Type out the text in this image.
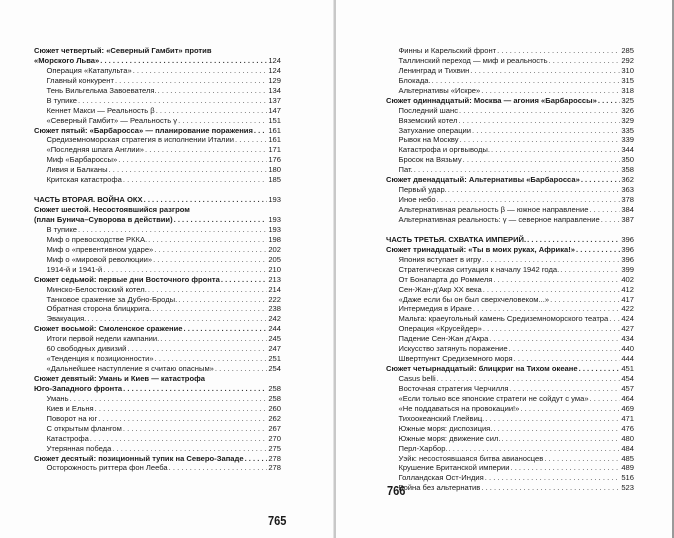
Сюжет четвертый: «Северный Гамбит» против
«Морского Льва» . . .	124
Операция «Катапульта» . . .	124
Главный конкурент . . .	129
Тень Вильгельма Завоевателя. . . .	134
В тупике . . .	137
Кеннет Макси — Реальность β . . .	147
«Северный Гамбит» — Реальность γ . . .	151
Сюжет пятый: «Барбаросса» — планирование поражения . . . 161
Средиземноморская стратегия в исполнении Италии . . .	161
«Последняя шпага Англии» . . .	171
Миф «Барбароссы» . . .	176
Ливия и Балканы . . .	180
Критская катастрофа . . .	185
ЧАСТЬ ВТОРАЯ. ВОЙНА ОКХ . . .	193
Сюжет шестой. Несостоявшийся разгром
(план Бунича–Суворова в действии) . . .	193
В тупике . . .	193
Миф о превосходстве РККА. . . .	198
Миф о «превентивном ударе» . . .	202
Миф о «мировой революции» . . .	205
1914-й и 1941-й . . .	210
Сюжет седьмой: первые дни Восточного фронта . . .	213
Минско-Белостокский котел. . . .	214
Танковое сражение за Дубно-Броды. . . .	222
Обратная сторона блицкрига. . . .	238
Эвакуация. . . .	242
Сюжет восьмой: Смоленское сражение . . .	244
Итоги первой недели кампании. . . .	245
60 свободных дивизий . . .	247
«Тенденция к позиционности» . . .	251
«Дальнейшее наступление я считаю опасным» . . .	254
Сюжет девятый: Умань и Киев — катастрофа
Юго-Западного фронта . . .	258
Умань . . .	258
Киев и Ельня . . .	260
Поворот на юг . . .	262
С открытым флангом . . .	267
Катастрофа . . .	270
Утерянная победа . . .	275
Сюжет десятый: позиционный тупик на Северо-Западе . . .	278
Осторожность риттера фон Лееба . . .	278
765
Финны и Карельский фронт . . .	285
Таллинский переход — миф и реальность . . .	292
Ленинград и Тихвин . . .	310
Блокада. . . .	315
Альтернативы «Искре» . . .	318
Сюжет одиннадцатый: Москва — агония «Барбароссы» . . .	325
Последний шанс . . .	326
Вяземский котел . . .	329
Затухание операции . . .	335
Рывок на Москву . . .	339
Катастрофа и оргвыводы. . . .	344
Бросок на Вязьму . . .	350
Пат. . . .	358
Сюжет двенадцатый: Альтернативы «Барбаросса» . . .	362
Первый удар. . . .	363
Иное небо . . .	378
Альтернативная реальность β — южное направление . . .	384
Альтернативная реальность: γ — северное направление . . .	387
ЧАСТЬ ТРЕТЬЯ. СХВАТКА ИМПЕРИЙ. . . .	396
Сюжет тринадцатый: «Ты в моих руках, Африка!» . . .	396
Япония вступает в игру . . .	396
Стратегическая ситуация к началу 1942 года. . . .	399
От Бонапарта до Роммеля . . .	402
Сен-Жан-д'Акр XX века . . .	412
«Даже если бы он был сверхчеловеком...» . . .	417
Интермедия в Ираке . . .	422
Мальта: краеугольный камень Средиземноморского театра . . . 424
Операция «Крусейдер» . . .	427
Падение Сен-Жан д'Акра . . .	434
Искусство затянуть поражение . . .	440
Швертпункт Средиземного моря . . .	444
Сюжет четырнадцатый: блицкриг на Тихом океане . . .	451
Casus belli . . .	454
Восточная стратегия Черчилля . . .	457
«Если только все японские стратеги не сойдут с ума» . . .	464
«Не поддаваться на провокации!» . . .	469
Тихоокеанский Глейвиц. . . .	471
Южные моря: диспозиция. . . .	476
Южные моря: движение сил. . . .	480
Перл-Харбор. . . .	484
Уэйк: несостоявшаяся битва авианосцев . . .	485
Крушение Британской империи . . .	489
Голландская Ост-Индия . . .	516
Война без альтернатив . . .	523
766
